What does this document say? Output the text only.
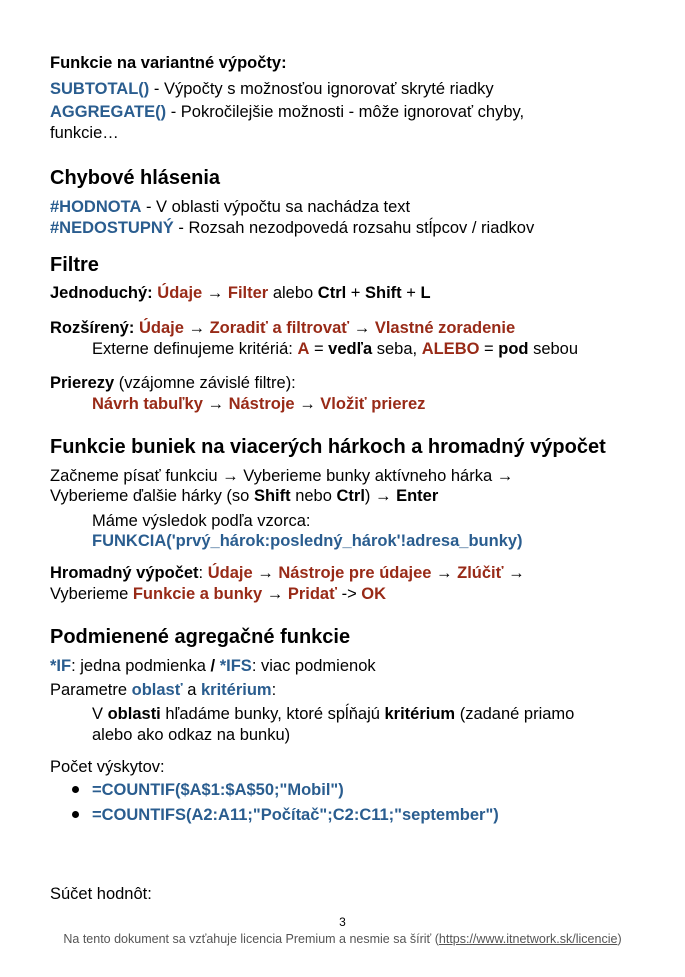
Funkcie na variantné výpočty:
SUBTOTAL() - Výpočty s možnosťou ignorovať skryté riadky
AGGREGATE() - Pokročilejšie možnosti - môže ignorovať chyby,
funkcie…
Chybové hlásenia
#HODNOTA - V oblasti výpočtu sa nachádza text
#NEDOSTUPNÝ - Rozsah nezodpovedá rozsahu stĺpcov / riadkov
Filtre
Jednoduchý: Údaje → Filter alebo Ctrl + Shift + L
Rozšírený: Údaje → Zoradiť a filtrovať → Vlastné zoradenie
Externe definujeme kritériá: A = vedľa seba, ALEBO = pod sebou
Prierezy (vzájomne závislé filtre):
Návrh tabuľky → Nástroje → Vložiť prierez
Funkcie buniek na viacerých hárkoch a hromadný výpočet
Začneme písať funkciu → Vyberieme bunky aktívneho hárka →
Vyberieme ďalšie hárky (so Shift nebo Ctrl) → Enter
Máme výsledok podľa vzorca:
FUNKCIA('prvý_hárok:posledný_hárok'!adresa_bunky)
Hromadný výpočet: Údaje → Nástroje pre údajee → Zlúčiť →
Vyberieme Funkcie a bunky → Pridať -> OK
Podmienené agregačné funkcie
*IF: jedna podmienka / *IFS: viac podmienok
Parametre oblasť a kritérium:
V oblasti hľadáme bunky, ktoré spĺňajú kritérium (zadané priamo
alebo ako odkaz na bunku)
Počet výskytov:
=COUNTIF($A$1:$A$50;"Mobil")
=COUNTIFS(A2:A11;"Počítač";C2:C11;"september")
Súčet hodnôt:
3
Na tento dokument sa vzťahuje licencia Premium a nesmie sa šíriť (https://www.itnetwork.sk/licencie)
